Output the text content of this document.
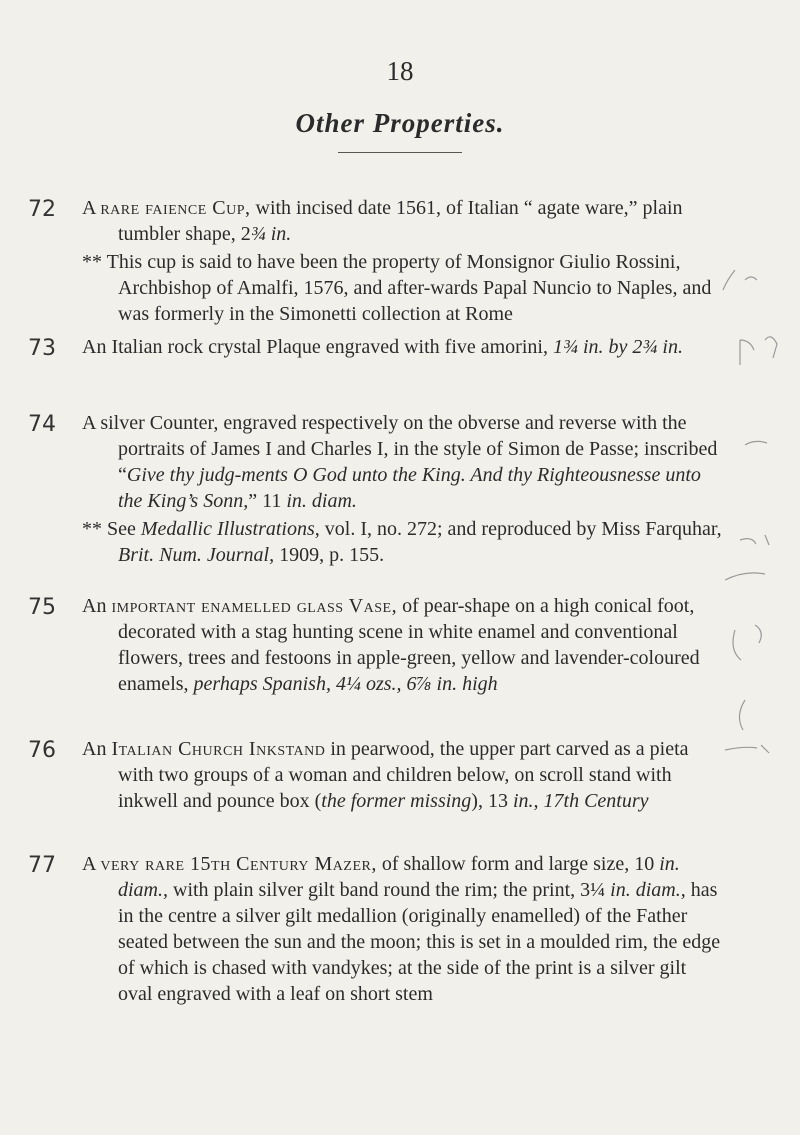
18
Other Properties.
72 A rare faience Cup, with incised date 1561, of Italian “ agate ware,” plain tumbler shape, 2¾ in.

** This cup is said to have been the property of Monsignor Giulio Rossini, Archbishop of Amalfi, 1576, and after-wards Papal Nuncio to Naples, and was formerly in the Simonetti collection at Rome

73 An Italian rock crystal Plaque engraved with five amorini, 1¾ in. by 2¾ in.

74 A silver Counter, engraved respectively on the obverse and reverse with the portraits of James I and Charles I, in the style of Simon de Passe; inscribed “Give thy judg-ments O God unto the King. And thy Righteousnesse unto the King’s Sonn,” 11 in. diam.

** See Medallic Illustrations, vol. I, no. 272; and reproduced by Miss Farquhar, Brit. Num. Journal, 1909, p. 155.

75 An important enamelled glass Vase, of pear-shape on a high conical foot, decorated with a stag hunting scene in white enamel and conventional flowers, trees and festoons in apple-green, yellow and lavender-coloured enamels, perhaps Spanish, 4¼ ozs., 6⅞ in. high

76 An Italian Church Inkstand in pearwood, the upper part carved as a pieta with two groups of a woman and children below, on scroll stand with inkwell and pounce box (the former missing), 13 in., 17th Century

77 A very rare 15th Century Mazer, of shallow form and large size, 10 in. diam., with plain silver gilt band round the rim; the print, 3¼ in. diam., has in the centre a silver gilt medallion (originally enamelled) of the Father seated between the sun and the moon; this is set in a moulded rim, the edge of which is chased with vandykes; at the side of the print is a silver gilt oval engraved with a leaf on short stem
